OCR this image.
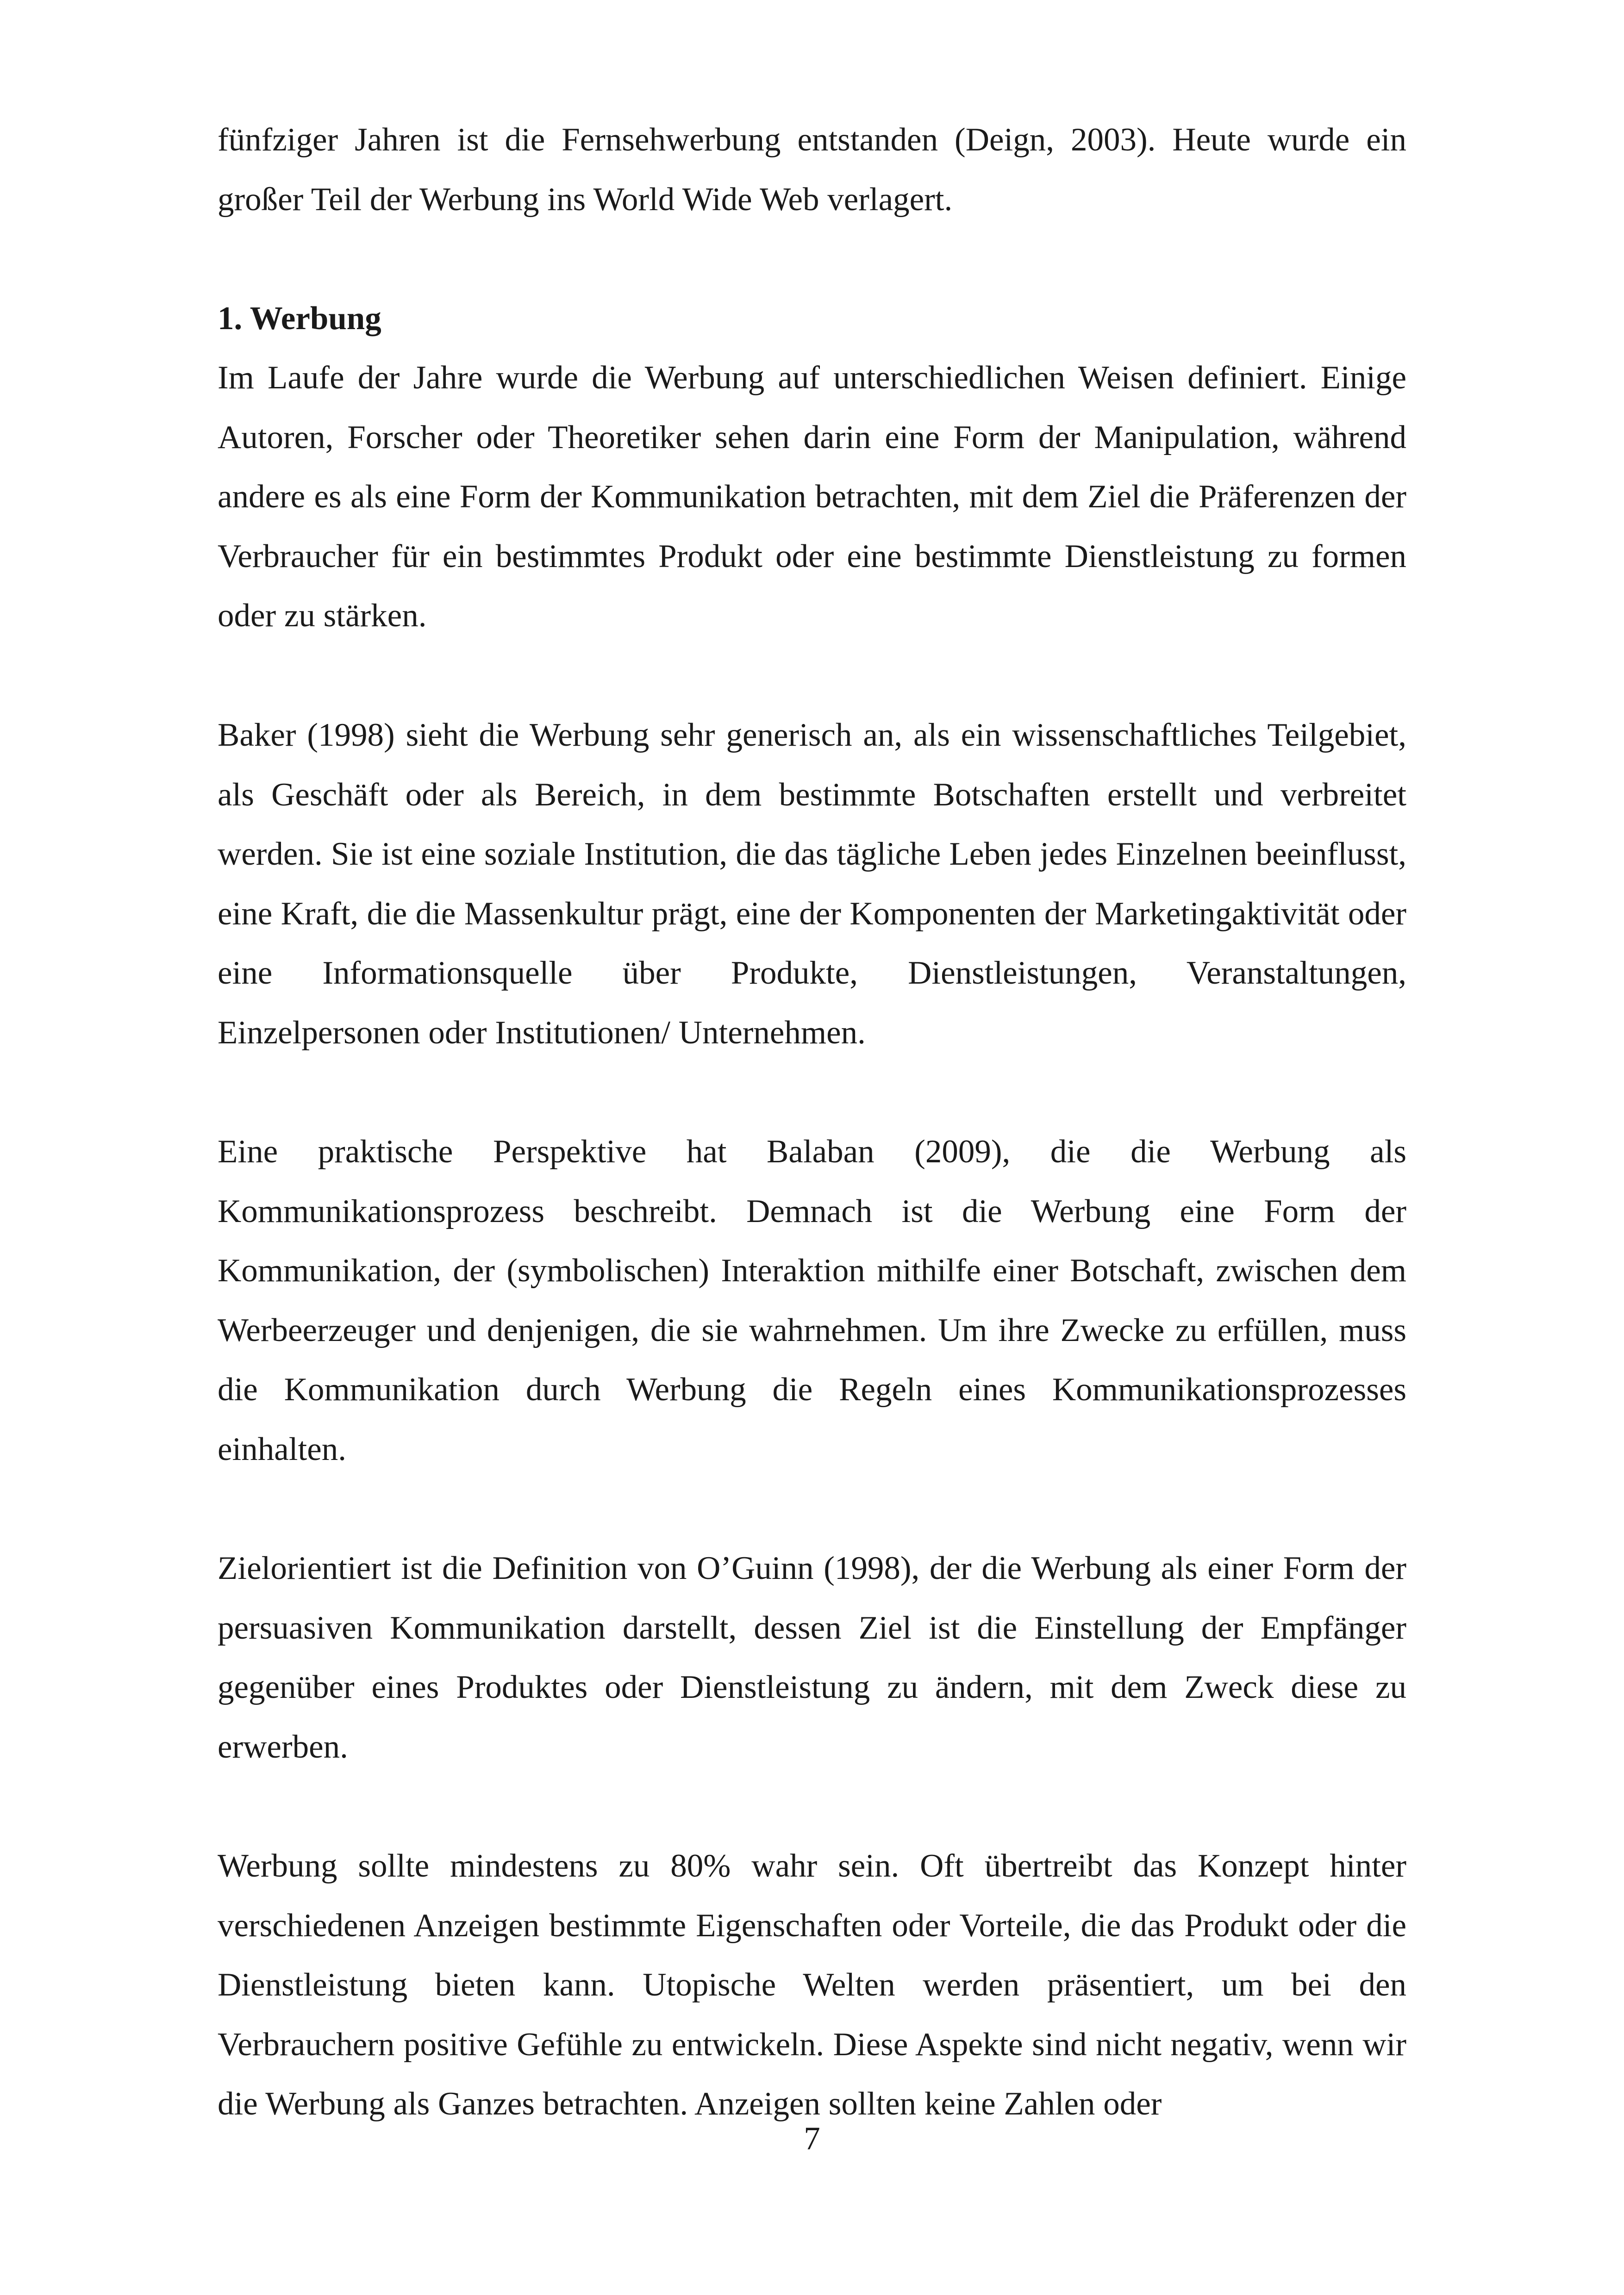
fünfziger Jahren ist die Fernsehwerbung entstanden (Deign, 2003). Heute wurde ein großer Teil der Werbung ins World Wide Web verlagert.

1. Werbung

Im Laufe der Jahre wurde die Werbung auf unterschiedlichen Weisen definiert. Einige Autoren, Forscher oder Theoretiker sehen darin eine Form der Manipulation, während andere es als eine Form der Kommunikation betrachten, mit dem Ziel die Präferenzen der Verbraucher für ein bestimmtes Produkt oder eine bestimmte Dienstleistung zu formen oder zu stärken.

Baker (1998) sieht die Werbung sehr generisch an, als ein wissenschaftliches Teilgebiet, als Geschäft oder als Bereich, in dem bestimmte Botschaften erstellt und verbreitet werden. Sie ist eine soziale Institution, die das tägliche Leben jedes Einzelnen beeinflusst, eine Kraft, die die Massenkultur prägt, eine der Komponenten der Marketingaktivität oder eine Informationsquelle über Produkte, Dienstleistungen, Veranstaltungen, Einzelpersonen oder Institutionen/ Unternehmen.

Eine praktische Perspektive hat Balaban (2009), die die Werbung als Kommunikationsprozess beschreibt. Demnach ist die Werbung eine Form der Kommunikation, der (symbolischen) Interaktion mithilfe einer Botschaft, zwischen dem Werbeerzeuger und denjenigen, die sie wahrnehmen. Um ihre Zwecke zu erfüllen, muss die Kommunikation durch Werbung die Regeln eines Kommunikationsprozesses einhalten.

Zielorientiert ist die Definition von O’Guinn (1998), der die Werbung als einer Form der persuasiven Kommunikation darstellt, dessen Ziel ist die Einstellung der Empfänger gegenüber eines Produktes oder Dienstleistung zu ändern, mit dem Zweck diese zu erwerben.

Werbung sollte mindestens zu 80% wahr sein. Oft übertreibt das Konzept hinter verschiedenen Anzeigen bestimmte Eigenschaften oder Vorteile, die das Produkt oder die Dienstleistung bieten kann. Utopische Welten werden präsentiert, um bei den Verbrauchern positive Gefühle zu entwickeln. Diese Aspekte sind nicht negativ, wenn wir die Werbung als Ganzes betrachten. Anzeigen sollten keine Zahlen oder

7
